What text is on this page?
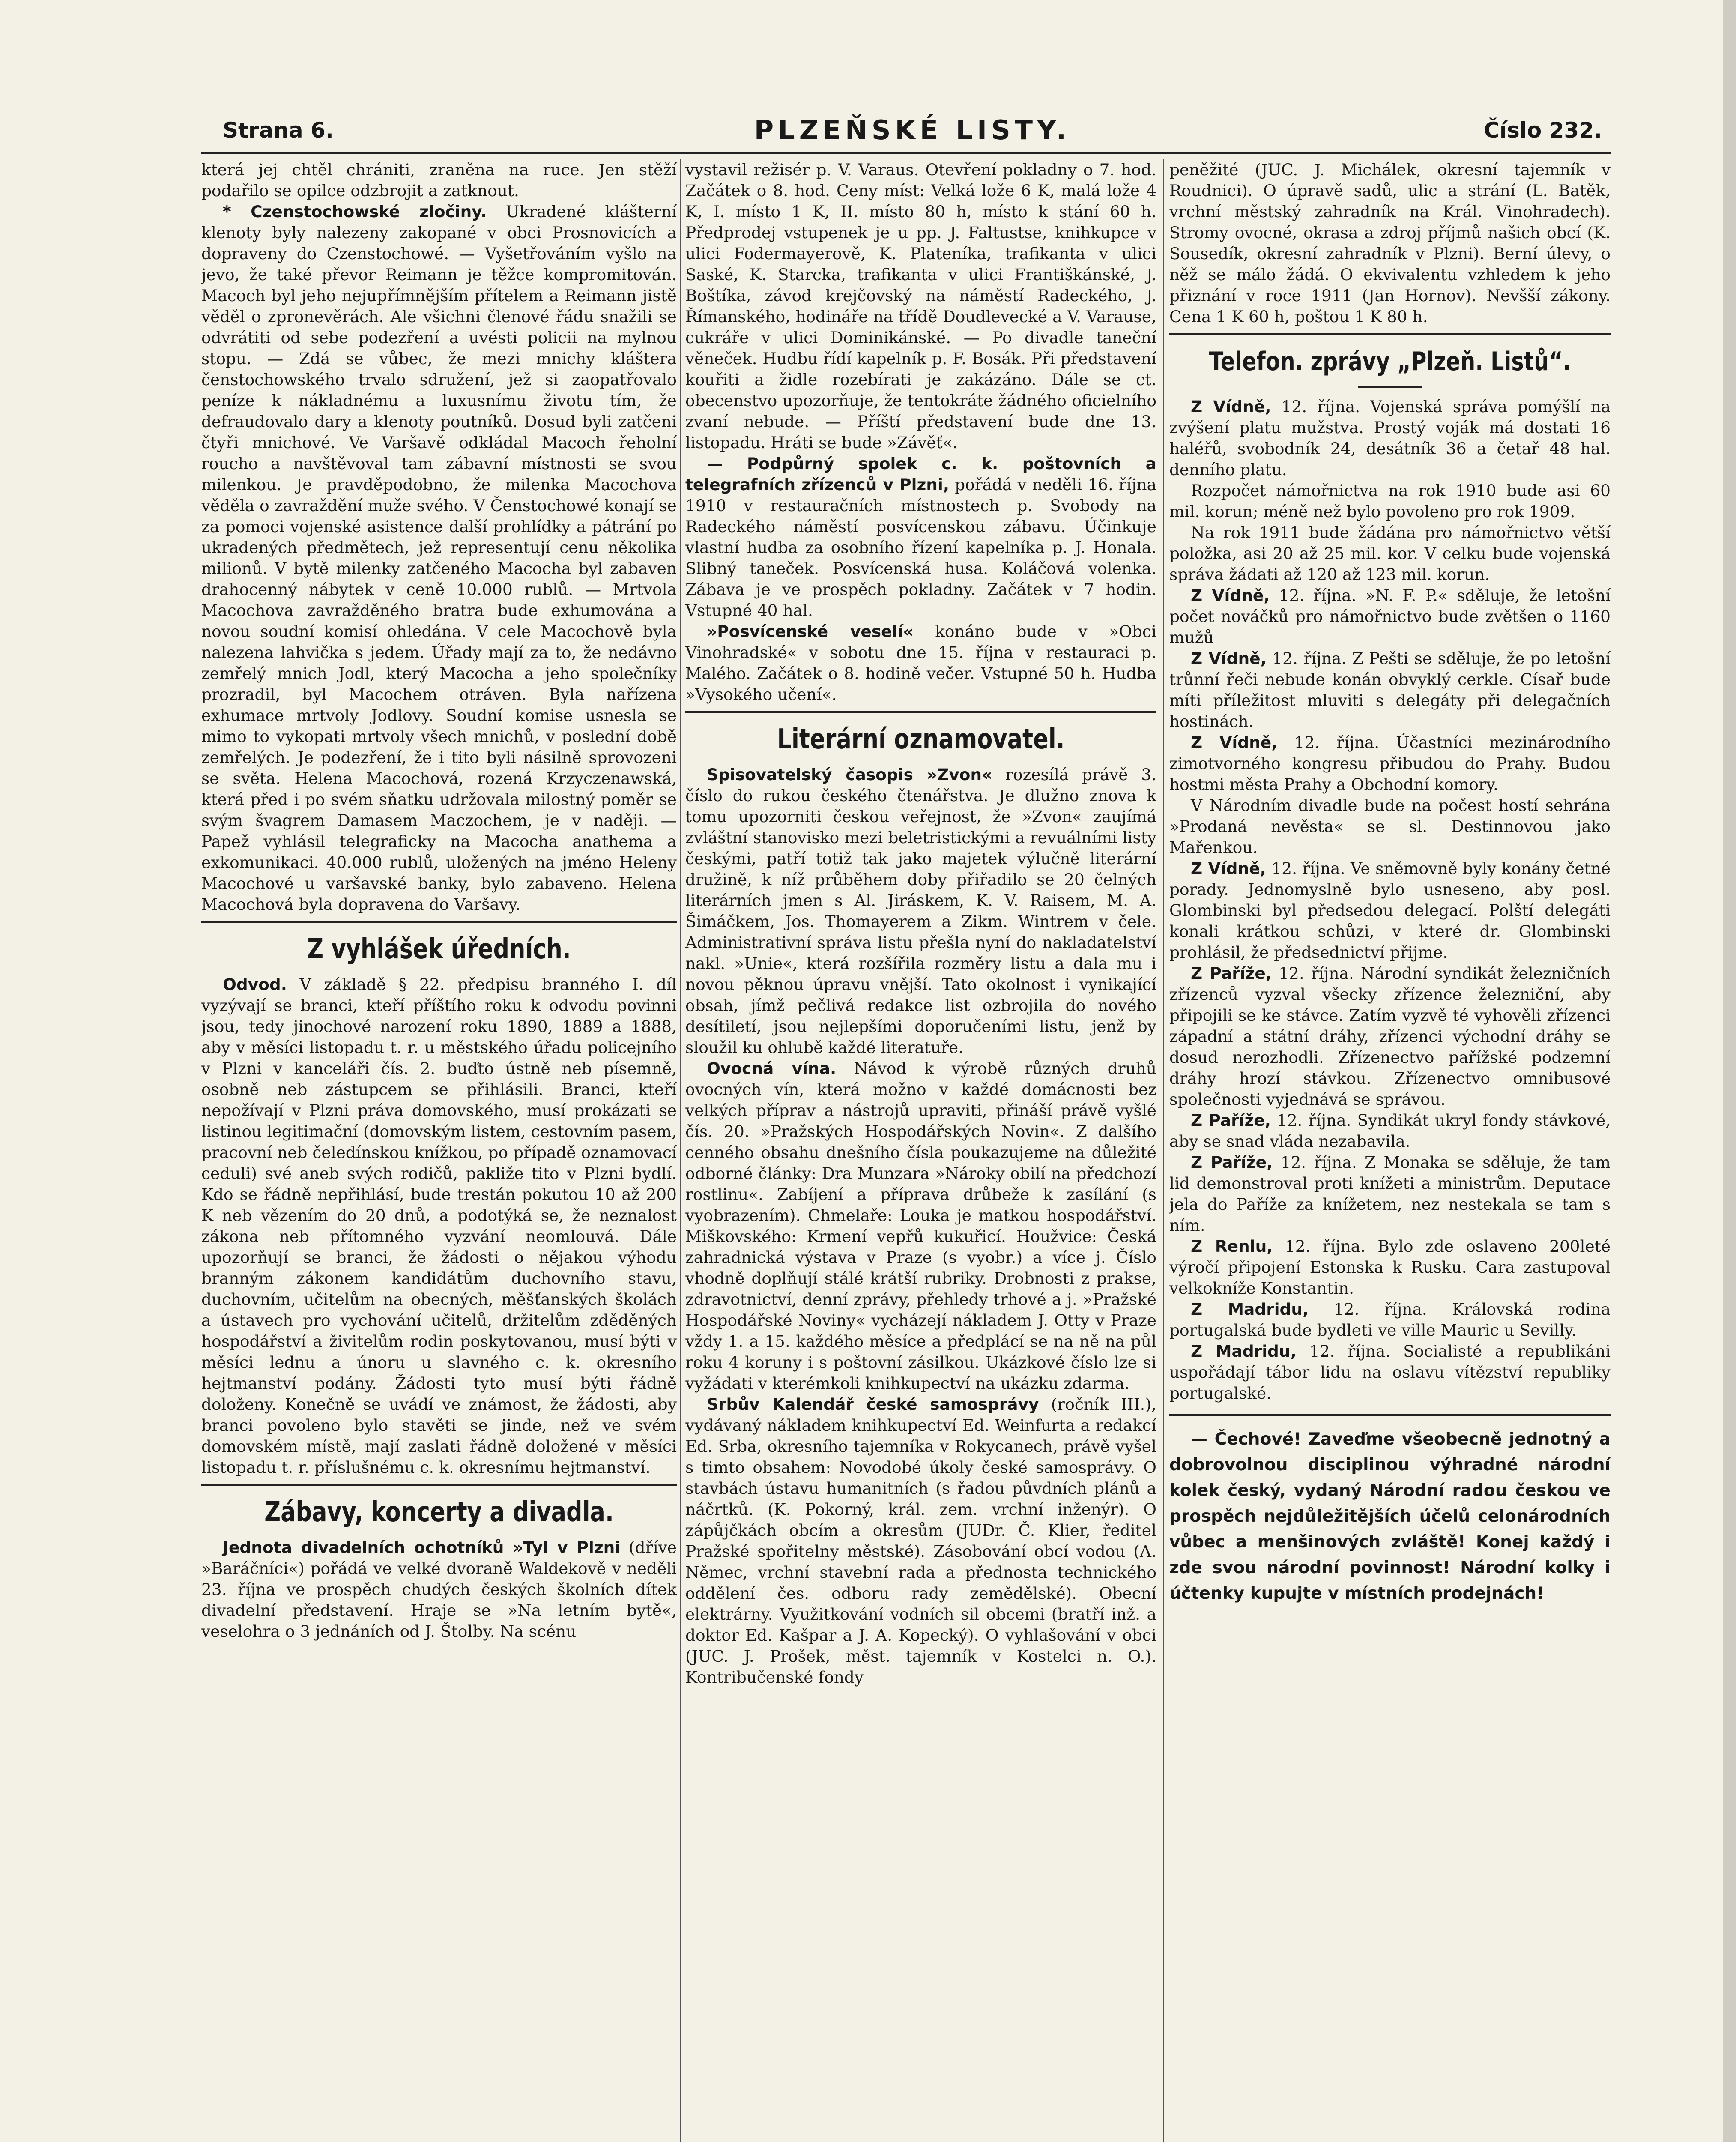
Strana 6.	PLZEŇSKÉ LISTY.	Číslo 232.

která jej chtěl chrániti, zraněna na ruce. Jen stěží podařilo se opilce odzbrojit a zatknout.

* Czenstochowské zločiny. Ukradené klášterní klenoty byly nalezeny zakopané v obci Prosnovicích a dopraveny do Czenstochowé. — Vyšetřováním vyšlo na jevo, že také převor Reimann je těžce kompromitován. Macoch byl jeho nejupřímnějším přítelem a Reimann jistě věděl o zpronevěrách. Ale všichni členové řádu snažili se odvrátiti od sebe podezření a uvésti policii na mylnou stopu. — Zdá se vůbec, že mezi mnichy kláštera čenstochowského trvalo sdružení, jež si zaopatřovalo peníze k nákladnému a luxusnímu životu tím, že defraudovalo dary a klenoty poutníků. Dosud byli zatčeni čtyři mnichové. Ve Varšavě odkládal Macoch řeholní roucho a navštěvoval tam zábavní místnosti se svou milenkou. Je pravděpodobno, že milenka Macochova věděla o zavraždění muže svého. V Čenstochowé konají se za pomoci vojenské asistence další prohlídky a pátrání po ukradených předmětech, jež representují cenu několika milionů. V bytě milenky zatčeného Macocha byl zabaven drahocenný nábytek v ceně 10.000 rublů. — Mrtvola Macochova zavražděného bratra bude exhumována a novou soudní komisí ohledána. V cele Macochově byla nalezena lahvička s jedem. Úřady mají za to, že nedávno zemřelý mnich Jodl, který Macocha a jeho společníky prozradil, byl Macochem otráven. Byla nařízena exhumace mrtvoly Jodlovy. Soudní komise usnesla se mimo to vykopati mrtvoly všech mnichů, v poslední době zemřelých. Je podezření, že i tito byli násilně sprovozeni se světa. Helena Macochová, rozená Krzyczenawská, která před i po svém sňatku udržovala milostný poměr se svým švagrem Damasem Maczochem, je v naději. — Papež vyhlásil telegraficky na Macocha anathema a exkomunikaci. 40.000 rublů, uložených na jméno Heleny Macochové u varšavské banky, bylo zabaveno. Helena Macochová byla dopravena do Varšavy.

Z vyhlášek úředních.

Odvod. V základě § 22. předpisu branného I. díl vyzývají se branci, kteří příštího roku k odvodu povinni jsou, tedy jinochové narození roku 1890, 1889 a 1888, aby v měsíci listopadu t. r. u městského úřadu policejního v Plzni v kanceláři čís. 2. buďto ústně neb písemně, osobně neb zástupcem se přihlásili. Branci, kteří nepožívají v Plzni práva domovského, musí prokázati se listinou legitimační (domovským listem, cestovním pasem, pracovní neb čeledínskou knížkou, po případě oznamovací ceduli) své aneb svých rodičů, pakliže tito v Plzni bydlí. Kdo se řádně nepřihlásí, bude trestán pokutou 10 až 200 K neb vězením do 20 dnů, a podotýká se, že neznalost zákona neb přítomného vyzvání neomlouvá. Dále upozorňují se branci, že žádosti o nějakou výhodu branným zákonem kandidátům duchovního stavu, duchovním, učitelům na obecných, měšťanských školách a ústavech pro vychování učitelů, držitelům zděděných hospodářství a živitelům rodin poskytovanou, musí býti v měsíci lednu a únoru u slavného c. k. okresního hejtmanství podány. Žádosti tyto musí býti řádně doloženy. Konečně se uvádí ve známost, že žádosti, aby branci povoleno bylo stavěti se jinde, než ve svém domovském místě, mají zaslati řádně doložené v měsíci listopadu t. r. příslušnému c. k. okresnímu hejtmanství.

Zábavy, koncerty a divadla.

Jednota divadelních ochotníků »Tyl v Plzni (dříve »Baráčníci«) pořádá ve velké dvoraně Waldekově v neděli 23. října ve prospěch chudých českých školních dítek divadelní představení. Hraje se »Na letním bytě«, veselohra o 3 jednáních od J. Štolby. Na scénu

vystavil režisér p. V. Varaus. Otevření pokladny o 7. hod. Začátek o 8. hod. Ceny míst: Velká lože 6 K, malá lože 4 K, I. místo 1 K, II. místo 80 h, místo k stání 60 h. Předprodej vstupenek je u pp. J. Faltustse, knihkupce v ulici Fodermayerově, K. Plateníka, trafikanta v ulici Saské, K. Starcka, trafikanta v ulici Františkánské, J. Boštíka, závod krejčovský na náměstí Radeckého, J. Římanského, hodináře na třídě Doudlevecké a V. Varause, cukráře v ulici Dominikánské. — Po divadle taneční věneček. Hudbu řídí kapelník p. F. Bosák. Při představení kouřiti a židle rozebírati je zakázáno. Dále se ct. obecenstvo upozorňuje, že tentokráte žádného oficielního zvaní nebude. — Příští představení bude dne 13. listopadu. Hráti se bude »Závěť«.

— Podpůrný spolek c. k. poštovních a telegrafních zřízenců v Plzni, pořádá v neděli 16. října 1910 v restauračních místnostech p. Svobody na Radeckého náměstí posvícenskou zábavu. Účinkuje vlastní hudba za osobního řízení kapelníka p. J. Honala. Slibný taneček. Posvícenská husa. Koláčová volenka. Zábava je ve prospěch pokladny. Začátek v 7 hodin. Vstupné 40 hal.

»Posvícenské veselí« konáno bude v »Obci Vinohradské« v sobotu dne 15. října v restauraci p. Malého. Začátek o 8. hodině večer. Vstupné 50 h. Hudba »Vysokého učení«.

Literární oznamovatel.

Spisovatelský časopis »Zvon« rozesílá právě 3. číslo do rukou českého čtenářstva. Je dlužno znova k tomu upozorniti českou veřejnost, že »Zvon« zaujímá zvláštní stanovisko mezi beletristickými a revuálními listy českými, patří totiž tak jako majetek výlučně literární družině, k níž průběhem doby přiřadilo se 20 čelných literárních jmen s Al. Jiráskem, K. V. Raisem, M. A. Šimáčkem, Jos. Thomayerem a Zikm. Wintrem v čele. Administrativní správa listu přešla nyní do nakladatelství nakl. »Unie«, která rozšířila rozměry listu a dala mu i novou pěknou úpravu vnější. Tato okolnost i vynikající obsah, jímž pečlivá redakce list ozbrojila do nového desítiletí, jsou nejlepšími doporučeními listu, jenž by sloužil ku ohlubě každé literatuře.

Ovocná vína. Návod k výrobě různých druhů ovocných vín, která možno v každé domácnosti bez velkých příprav a nástrojů upraviti, přináší právě vyšlé čís. 20. »Pražských Hospodářských Novin«. Z dalšího cenného obsahu dnešního čísla poukazujeme na důležité odborné články: Dra Munzara »Nároky obilí na předchozí rostlinu«. Zabíjení a příprava drůbeže k zasílání (s vyobrazením). Chmelaře: Louka je matkou hospodářství. Miškovského: Krmení vepřů kukuřicí. Houžvice: Česká zahradnická výstava v Praze (s vyobr.) a více j. Číslo vhodně doplňují stálé krátší rubriky. Drobnosti z prakse, zdravotnictví, denní zprávy, přehledy trhové a j. »Pražské Hospodářské Noviny« vycházejí nákladem J. Otty v Praze vždy 1. a 15. každého měsíce a předplácí se na ně na půl roku 4 koruny i s poštovní zásilkou. Ukázkové číslo lze si vyžádati v kterémkoli knihkupectví na ukázku zdarma.

Srbův Kalendář české samosprávy (ročník III.), vydávaný nákladem knihkupectví Ed. Weinfurta a redakcí Ed. Srba, okresního tajemníka v Rokycanech, právě vyšel s timto obsahem: Novodobé úkoly české samosprávy. O stavbách ústavu humanitních (s řadou půvdních plánů a náčrtků. (K. Pokorný, král. zem. vrchní inženýr). O zápůjčkách obcím a okresům (JUDr. Č. Klier, ředitel Pražské spořitelny městské). Zásobování obcí vodou (A. Němec, vrchní stavební rada a přednosta technického oddělení čes. odboru rady zemědělské). Obecní elektrárny. Využitkování vodních sil obcemi (bratří inž. a doktor Ed. Kašpar a J. A. Kopecký). O vyhlašování v obci (JUC. J. Prošek, měst. tajemník v Kostelci n. O.). Kontribučenské fondy

peněžité (JUC. J. Michálek, okresní tajemník v Roudnici). O úpravě sadů, ulic a strání (L. Batěk, vrchní městský zahradník na Král. Vinohradech). Stromy ovocné, okrasa a zdroj příjmů našich obcí (K. Sousedík, okresní zahradník v Plzni). Berní úlevy, o něž se málo žádá. O ekvivalentu vzhledem k jeho přiznání v roce 1911 (Jan Hornov). Nevšší zákony. Cena 1 K 60 h, poštou 1 K 80 h.

Telefon. zprávy „Plzeň. Listů“.

Z Vídně, 12. října. Vojenská správa pomýšlí na zvýšení platu mužstva. Prostý voják má dostati 16 haléřů, svobodník 24, desátník 36 a četař 48 hal. denního platu.

Rozpočet námořnictva na rok 1910 bude asi 60 mil. korun; méně než bylo povoleno pro rok 1909.

Na rok 1911 bude žádána pro námořnictvo větší položka, asi 20 až 25 mil. kor. V celku bude vojenská správa žádati až 120 až 123 mil. korun.

Z Vídně, 12. října. »N. F. P.« sděluje, že letošní počet nováčků pro námořnictvo bude zvětšen o 1160 mužů

Z Vídně, 12. října. Z Pešti se sděluje, že po letošní trůnní řeči nebude konán obvyklý cerkle. Císař bude míti příležitost mluviti s delegáty při delegačních hostinách.

Z Vídně, 12. října. Účastníci mezinárodního zimotvorného kongresu přibudou do Prahy. Budou hostmi města Prahy a Obchodní komory.

V Národním divadle bude na počest hostí sehrána »Prodaná nevěsta« se sl. Destinnovou jako Mařenkou.

Z Vídně, 12. října. Ve sněmovně byly konány četné porady. Jednomyslně bylo usneseno, aby posl. Glombinski byl předsedou delegací. Polští delegáti konali krátkou schůzi, v které dr. Glombinski prohlásil, že předsednictví přijme.

Z Paříže, 12. října. Národní syndikát železničních zřízenců vyzval všecky zřízence železniční, aby připojili se ke stávce. Zatím vyzvě té vyhověli zřízenci západní a státní dráhy, zřízenci východní dráhy se dosud nerozhodli. Zřízenectvo pařížské podzemní dráhy hrozí stávkou. Zřízenectvo omnibusové společnosti vyjednává se správou.

Z Paříže, 12. října. Syndikát ukryl fondy stávkové, aby se snad vláda nezabavila.

Z Paříže, 12. října. Z Monaka se sděluje, že tam lid demonstroval proti knížeti a ministrům. Deputace jela do Paříže za knížetem, nez nestekala se tam s ním.

Z Renlu, 12. října. Bylo zde oslaveno 200leté výročí připojení Estonska k Rusku. Cara zastupoval velkokníže Konstantin.

Z Madridu, 12. října. Královská rodina portugalská bude bydleti ve ville Mauric u Sevilly.

Z Madridu, 12. října. Socialisté a republikáni uspořádají tábor lidu na oslavu vítězství republiky portugalské.

— Čechové! Zaveďme všeobecně jednotný a dobrovolnou disciplinou výhradné národní kolek český, vydaný Národní radou českou ve prospěch nejdůležitějších účelů celonárodních vůbec a menšinových zvláště! Konej každý i zde svou národní povinnost! Národní kolky i účtenky kupujte v místních prodejnách!
